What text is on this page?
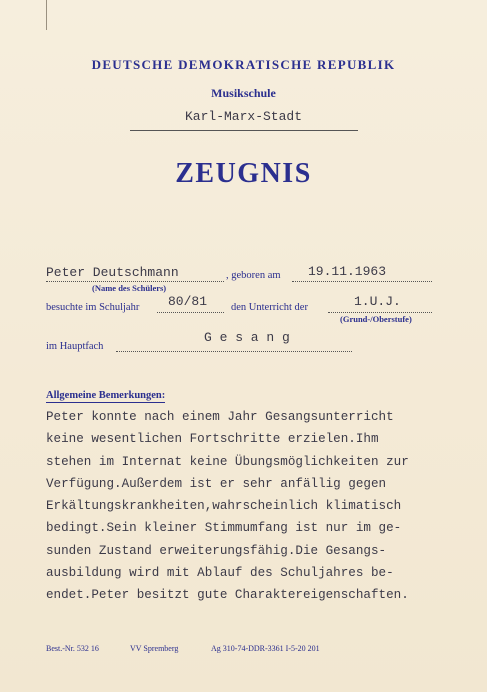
DEUTSCHE DEMOKRATISCHE REPUBLIK
Musikschule
Karl-Marx-Stadt
ZEUGNIS
Peter Deutschmann
(Name des Schülers)
, geboren am 19.11.1963
besuchte im Schuljahr 80/81 den Unterricht der	1.U.J.
(Grund-/Oberstufe)
im Hauptfach
G e s a n g
Allgemeine Bemerkungen:
Peter konnte nach einem Jahr Gesangsunterricht
keine wesentlichen Fortschritte erzielen.Ihm
stehen im Internat keine Übungsmöglichkeiten zur
Verfügung.Außerdem ist er sehr anfällig gegen
Erkältungskrankheiten,wahrscheinlich klimatisch
bedingt.Sein kleiner Stimmumfang ist nur im ge-
sunden Zustand erweiterungsfähig.Die Gesangs-
ausbildung wird mit Ablauf des Schuljahres be-
endet.Peter besitzt gute Charaktereigenschaften.
Best.-Nr. 532 16	VV Spremberg	Ag 310-74-DDR-3361 I-5-20 201
